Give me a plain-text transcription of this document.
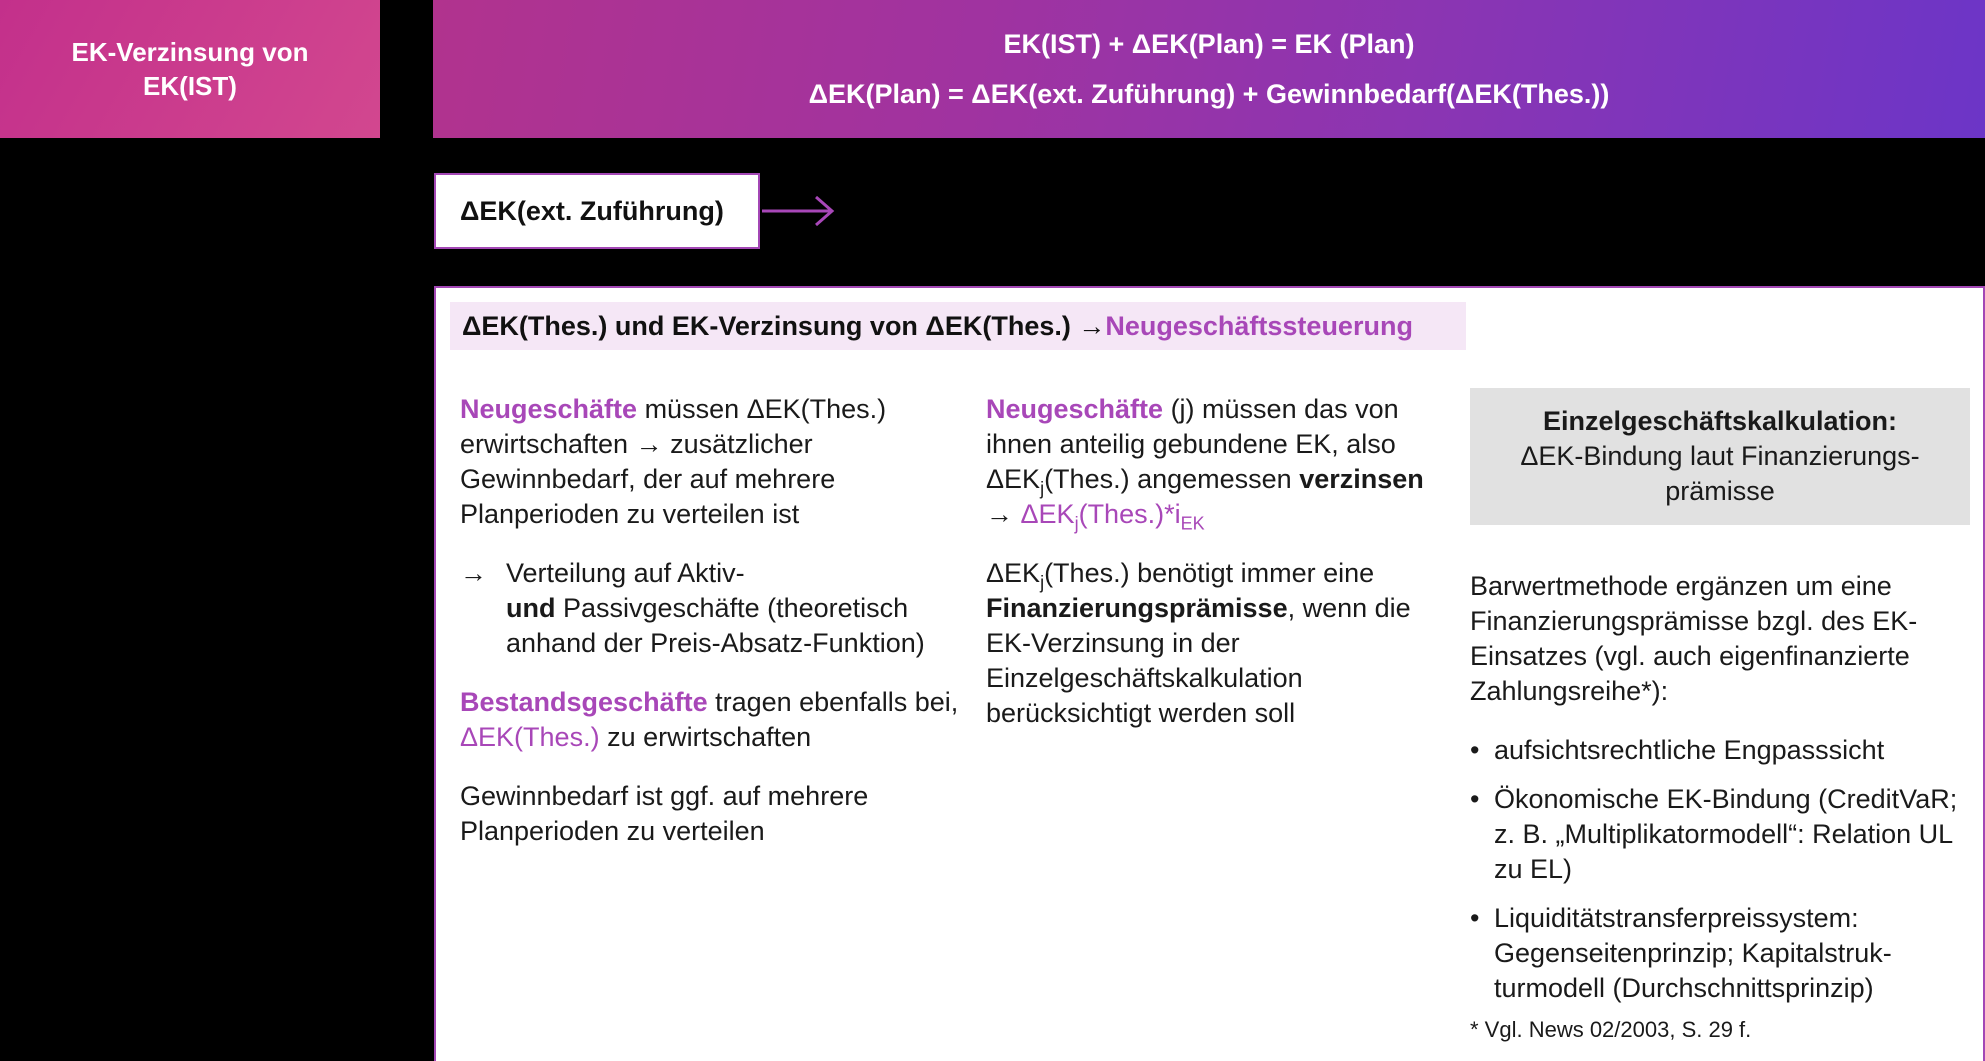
EK-Verzinsung von
EK(IST)
EK(IST) + ΔEK(Plan) = EK (Plan)
ΔEK(Plan) = ΔEK(ext. Zuführung) + Gewinnbedarf(ΔEK(Thes.))
ΔEK(ext. Zuführung)
ΔEK(Thes.) und EK-Verzinsung von ΔEK(Thes.) → Neugeschäftssteuerung

Neugeschäfte müssen ΔEK(Thes.) erwirtschaften → zusätzlicher Gewinnbedarf, der auf mehrere Planperioden zu verteilen ist

→ Verteilung auf Aktiv-
und Passivgeschäfte (theoretisch anhand der Preis-Absatz-Funktion)

Bestandsgeschäfte tragen ebenfalls bei, ΔEK(Thes.) zu erwirtschaften

Gewinnbedarf ist ggf. auf mehrere Planperioden zu verteilen

Neugeschäfte (j) müssen das von ihnen anteilig gebundene EK, also $\Delta EK_j(Thes.)$ angemessen verzinsen → $\Delta EK_j(Thes.)*i_{EK}$

$\Delta EK_j(Thes.)$ benötigt immer eine Finanzierungsprämisse, wenn die EK-Verzinsung in der Einzelgeschäftskalkulation berücksichtigt werden soll

Einzelgeschäftskalkulation:
ΔEK-Bindung laut Finanzierungsprämisse

Barwertmethode ergänzen um eine Finanzierungsprämisse bzgl. des EK-Einsatzes (vgl. auch eigenfinanzierte Zahlungsreihe*):

• aufsichtsrechtliche Engpasssicht
• Ökonomische EK-Bindung (CreditVaR; z. B. „Multiplikatormodell“: Relation UL zu EL)
• Liquiditätstransferpreissystem: Gegenseitenprinzip; Kapitalstrukturmodell (Durchschnittsprinzip)
* Vgl. News 02/2003, S. 29 f.
